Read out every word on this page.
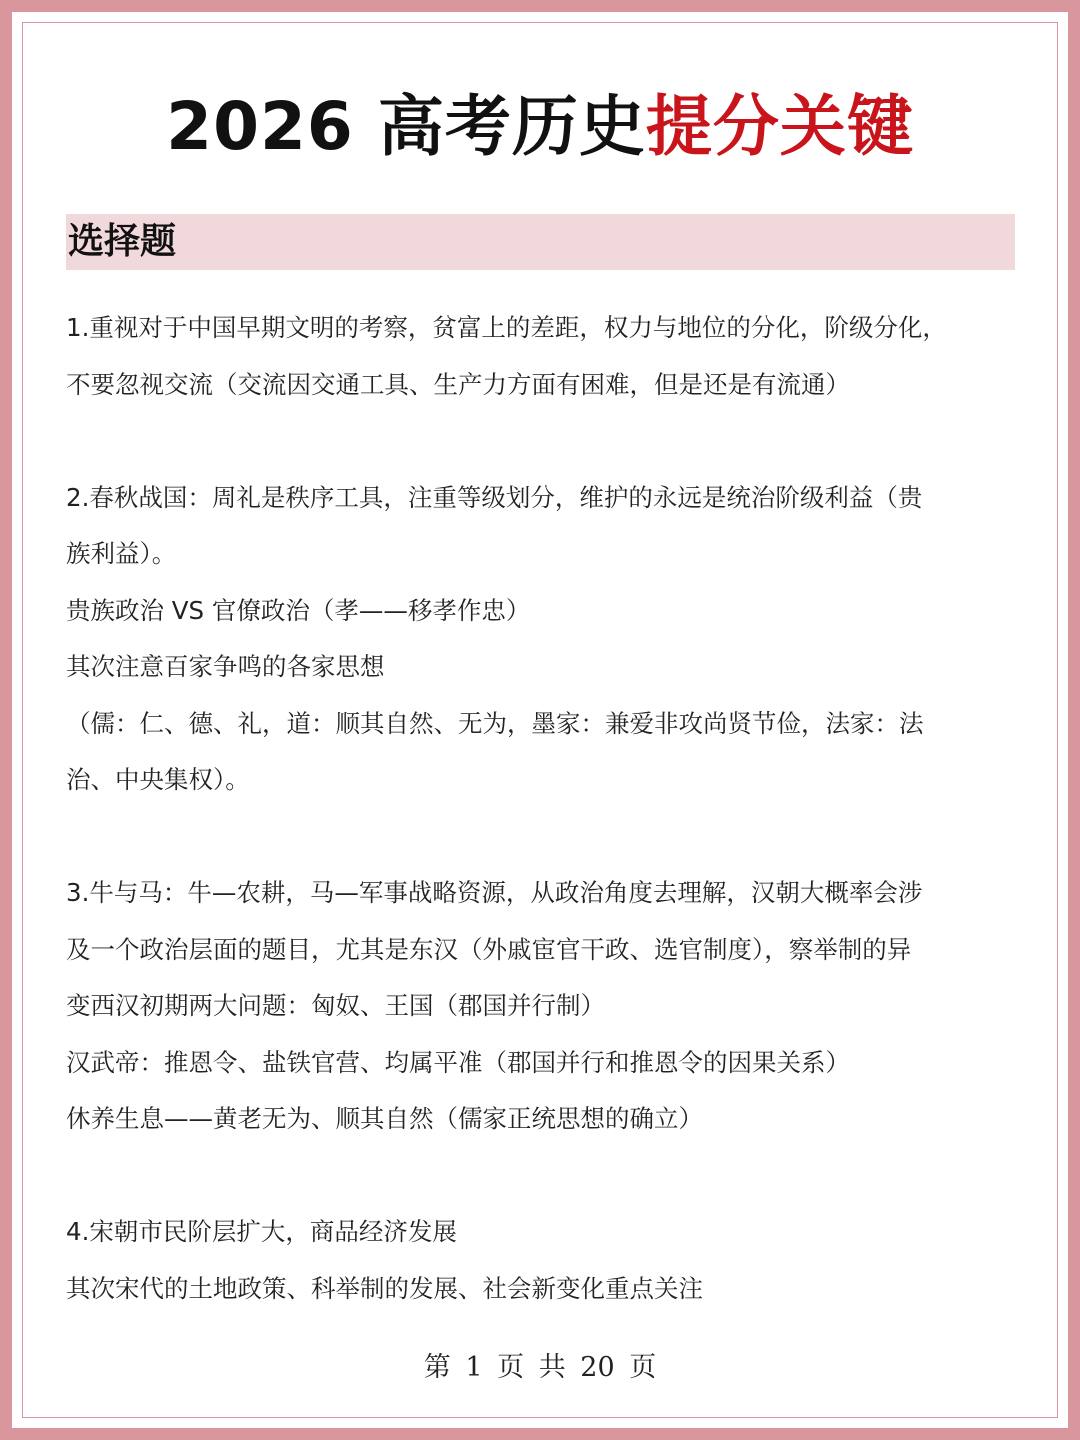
2026 高考历史提分关键
选择题
1.重视对于中国早期文明的考察，贫富上的差距，权力与地位的分化，阶级分化，
不要忽视交流（交流因交通工具、生产力方面有困难，但是还是有流通）
2.春秋战国：周礼是秩序工具，注重等级划分，维护的永远是统治阶级利益（贵
族利益）。
贵族政治 VS 官僚政治（孝——移孝作忠）
其次注意百家争鸣的各家思想
（儒：仁、德、礼，道：顺其自然、无为，墨家：兼爱非攻尚贤节俭，法家：法
治、中央集权）。
3.牛与马：牛—农耕，马—军事战略资源，从政治角度去理解，汉朝大概率会涉
及一个政治层面的题目，尤其是东汉（外戚宦官干政、选官制度），察举制的异
变西汉初期两大问题：匈奴、王国（郡国并行制）
汉武帝：推恩令、盐铁官营、均属平准（郡国并行和推恩令的因果关系）
休养生息——黄老无为、顺其自然（儒家正统思想的确立）
4.宋朝市民阶层扩大，商品经济发展
其次宋代的土地政策、科举制的发展、社会新变化重点关注
第 1 页 共 20 页
